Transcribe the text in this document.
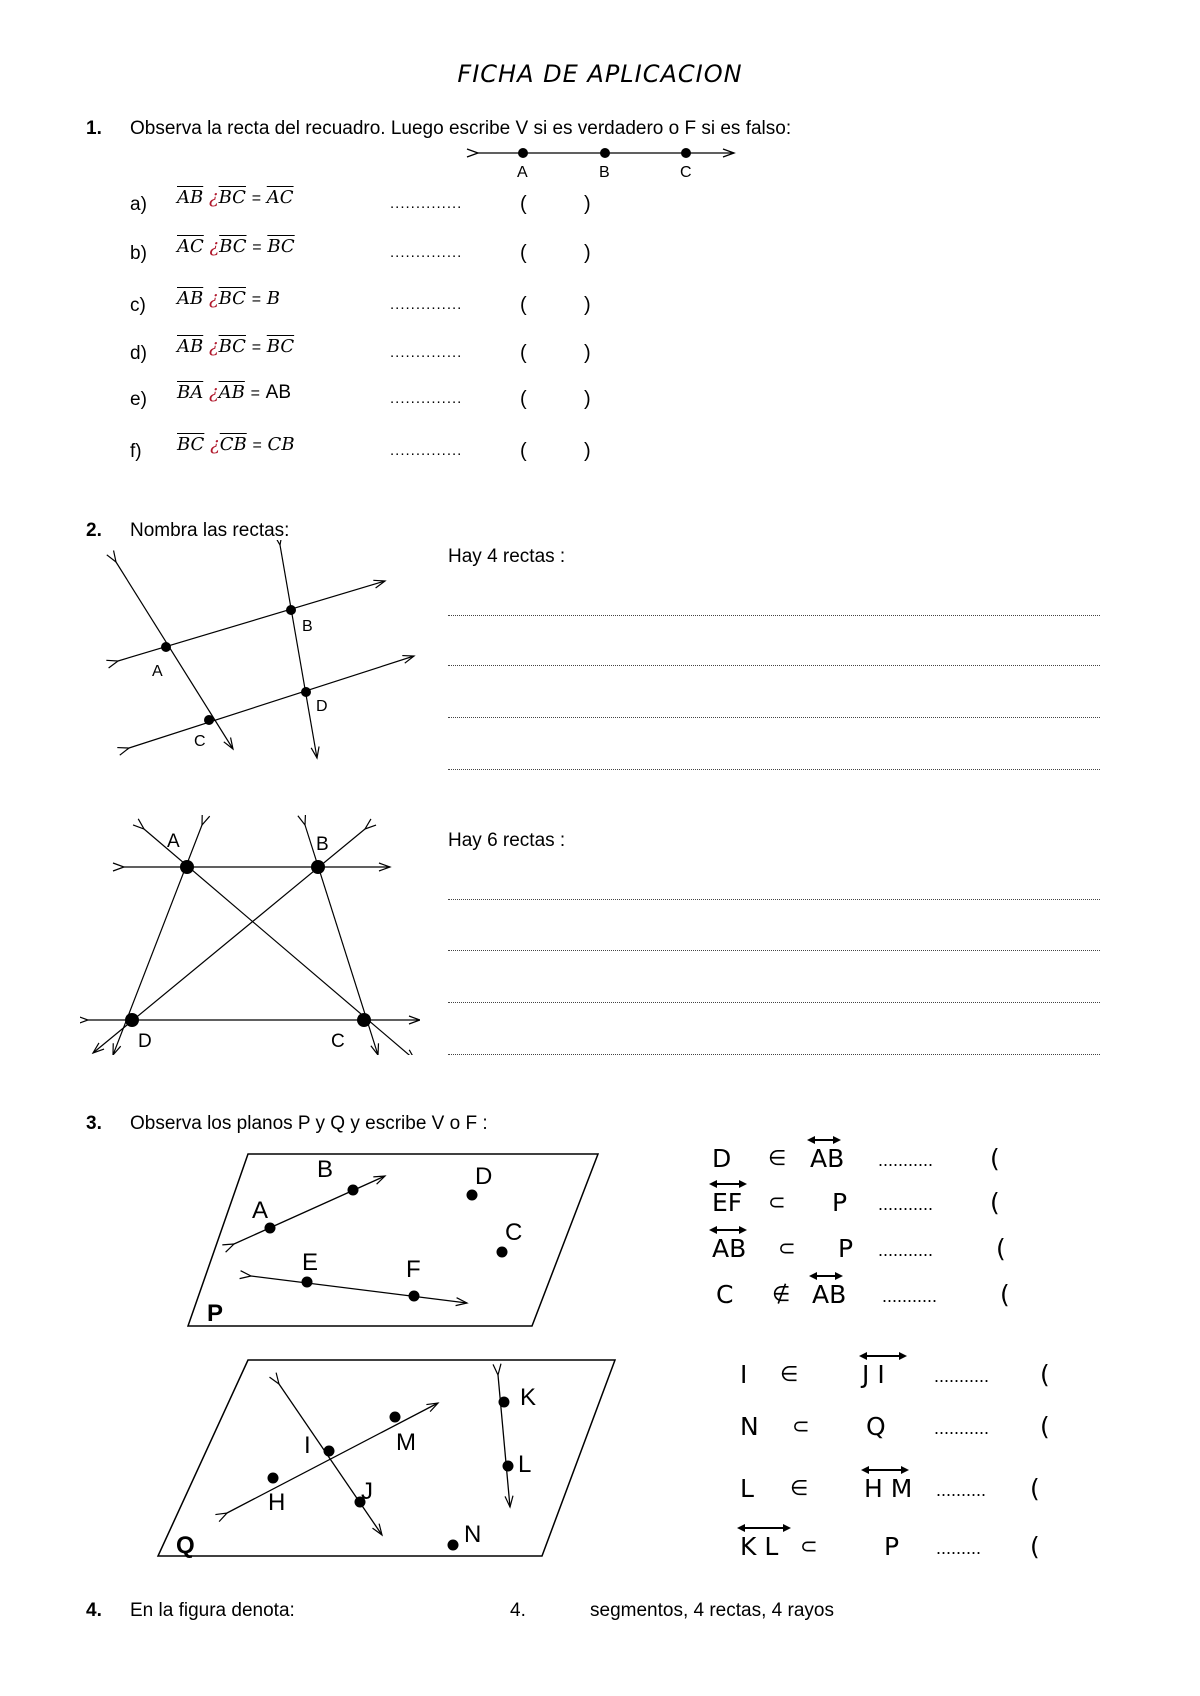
FICHA DE APLICACION
1. Observa la recta del recuadro. Luego escribe V si es verdadero o F si es falso:
A	B	C
a) $\overline{AB}$ ¿$\overline{BC} = \overline{AC}$	..............	(	)
b) $\overline{AC}$ ¿$\overline{BC} = \overline{BC}$	..............	(	)
c) $\overline{AB}$ ¿$\overline{BC} = B$	..............	(	)
d) $\overline{AB}$ ¿$\overline{BC} = \overline{BC}$	..............	(	)
e) $\overline{BA}$ ¿$\overline{AB}$ = AB	..............	(	)
f) $\overline{BC}$ ¿$\overline{CB}$ = CB	..............	(	)
2. Nombra las rectas:
A
B
C
D
Hay 4 rectas :
A	B
D	C
Hay 6 rectas :
3. Observa los planos P y Q y escribe V o F :
B
A
D
C
E	F
P
K
M
I
L
H	J
N
Q
D ∈ AB ........... (
EF ⊂ P ........... (
AB ⊂ P ...........	(
C ∉ AB ...........	(
I ∈	J I	........... (
N ⊂ Q	........... (
L ∈ H M .......... (
K L ⊂	P ......... (
4. En la figura denota:	4.	segmentos, 4 rectas, 4 rayos
